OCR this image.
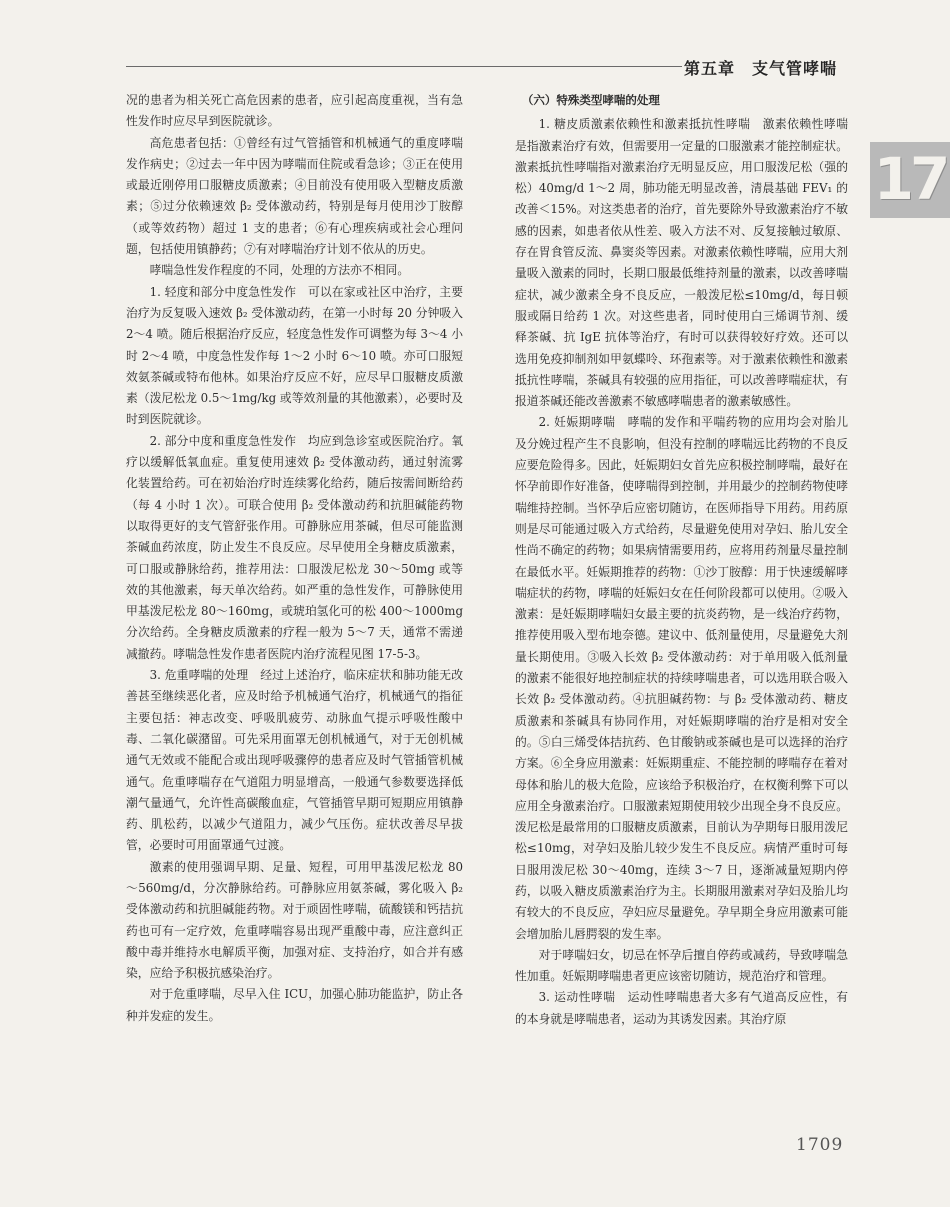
第五章　支气管哮喘
17

况的患者为相关死亡高危因素的患者，应引起高度重视，当有急性发作时应尽早到医院就诊。

高危患者包括：①曾经有过气管插管和机械通气的重度哮喘发作病史；②过去一年中因为哮喘而住院或看急诊；③正在使用或最近刚停用口服糖皮质激素；④目前没有使用吸入型糖皮质激素；⑤过分依赖速效 β₂ 受体激动药，特别是每月使用沙丁胺醇（或等效药物）超过 1 支的患者；⑥有心理疾病或社会心理问题，包括使用镇静药；⑦有对哮喘治疗计划不依从的历史。

哮喘急性发作程度的不同，处理的方法亦不相同。

1. 轻度和部分中度急性发作　可以在家或社区中治疗，主要治疗为反复吸入速效 β₂ 受体激动药，在第一小时每 20 分钟吸入 2～4 喷。随后根据治疗反应，轻度急性发作可调整为每 3～4 小时 2～4 喷，中度急性发作每 1～2 小时 6～10 喷。亦可口服短效氨茶碱或特布他林。如果治疗反应不好，应尽早口服糖皮质激素（泼尼松龙 0.5～1mg/kg 或等效剂量的其他激素），必要时及时到医院就诊。

2. 部分中度和重度急性发作　均应到急诊室或医院治疗。氧疗以缓解低氧血症。重复使用速效 β₂ 受体激动药，通过射流雾化装置给药。可在初始治疗时连续雾化给药，随后按需间断给药（每 4 小时 1 次）。可联合使用 β₂ 受体激动药和抗胆碱能药物以取得更好的支气管舒张作用。可静脉应用茶碱，但尽可能监测茶碱血药浓度，防止发生不良反应。尽早使用全身糖皮质激素，可口服或静脉给药，推荐用法：口服泼尼松龙 30～50mg 或等效的其他激素，每天单次给药。如严重的急性发作，可静脉使用甲基泼尼松龙 80～160mg，或琥珀氢化可的松 400～1000mg 分次给药。全身糖皮质激素的疗程一般为 5～7 天，通常不需递减撤药。哮喘急性发作患者医院内治疗流程见图 17-5-3。

3. 危重哮喘的处理　经过上述治疗，临床症状和肺功能无改善甚至继续恶化者，应及时给予机械通气治疗，机械通气的指征主要包括：神志改变、呼吸肌疲劳、动脉血气提示呼吸性酸中毒、二氧化碳潴留。可先采用面罩无创机械通气，对于无创机械通气无效或不能配合或出现呼吸骤停的患者应及时气管插管机械通气。危重哮喘存在气道阻力明显增高，一般通气参数要选择低潮气量通气，允许性高碳酸血症，气管插管早期可短期应用镇静药、肌松药，以减少气道阻力，减少气压伤。症状改善尽早拔管，必要时可用面罩通气过渡。

激素的使用强调早期、足量、短程，可用甲基泼尼松龙 80～560mg/d，分次静脉给药。可静脉应用氨茶碱，雾化吸入 β₂ 受体激动药和抗胆碱能药物。对于顽固性哮喘，硫酸镁和钙拮抗药也可有一定疗效，危重哮喘容易出现严重酸中毒，应注意纠正酸中毒并维持水电解质平衡，加强对症、支持治疗，如合并有感染，应给予积极抗感染治疗。

对于危重哮喘，尽早入住 ICU，加强心肺功能监护，防止各种并发症的发生。

（六）特殊类型哮喘的处理

1. 糖皮质激素依赖性和激素抵抗性哮喘　激素依赖性哮喘是指激素治疗有效，但需要用一定量的口服激素才能控制症状。激素抵抗性哮喘指对激素治疗无明显反应，用口服泼尼松（强的松）40mg/d 1～2 周，肺功能无明显改善，清晨基础 FEV₁ 的改善＜15%。对这类患者的治疗，首先要除外导致激素治疗不敏感的因素，如患者依从性差、吸入方法不对、反复接触过敏原、存在胃食管反流、鼻窦炎等因素。对激素依赖性哮喘，应用大剂量吸入激素的同时，长期口服最低维持剂量的激素，以改善哮喘症状，减少激素全身不良反应，一般泼尼松≤10mg/d，每日顿服或隔日给药 1 次。对这些患者，同时使用白三烯调节剂、缓释茶碱、抗 IgE 抗体等治疗，有时可以获得较好疗效。还可以选用免疫抑制剂如甲氨蝶呤、环孢素等。对于激素依赖性和激素抵抗性哮喘，茶碱具有较强的应用指征，可以改善哮喘症状，有报道茶碱还能改善激素不敏感哮喘患者的激素敏感性。

2. 妊娠期哮喘　哮喘的发作和平喘药物的应用均会对胎儿及分娩过程产生不良影响，但没有控制的哮喘远比药物的不良反应要危险得多。因此，妊娠期妇女首先应积极控制哮喘，最好在怀孕前即作好准备，使哮喘得到控制，并用最少的控制药物使哮喘维持控制。当怀孕后应密切随访，在医师指导下用药。用药原则是尽可能通过吸入方式给药，尽量避免使用对孕妇、胎儿安全性尚不确定的药物；如果病情需要用药，应将用药剂量尽量控制在最低水平。妊娠期推荐的药物：①沙丁胺醇：用于快速缓解哮喘症状的药物，哮喘的妊娠妇女在任何阶段都可以使用。②吸入激素：是妊娠期哮喘妇女最主要的抗炎药物，是一线治疗药物，推荐使用吸入型布地奈德。建议中、低剂量使用，尽量避免大剂量长期使用。③吸入长效 β₂ 受体激动药：对于单用吸入低剂量的激素不能很好地控制症状的持续哮喘患者，可以选用联合吸入长效 β₂ 受体激动药。④抗胆碱药物：与 β₂ 受体激动药、糖皮质激素和茶碱具有协同作用，对妊娠期哮喘的治疗是相对安全的。⑤白三烯受体拮抗药、色甘酸钠或茶碱也是可以选择的治疗方案。⑥全身应用激素：妊娠期重症、不能控制的哮喘存在着对母体和胎儿的极大危险，应该给予积极治疗，在权衡利弊下可以应用全身激素治疗。口服激素短期使用较少出现全身不良反应。泼尼松是最常用的口服糖皮质激素，目前认为孕期每日服用泼尼松≤10mg，对孕妇及胎儿较少发生不良反应。病情严重时可每日服用泼尼松 30～40mg，连续 3～7 日，逐渐减量短期内停药，以吸入糖皮质激素治疗为主。长期服用激素对孕妇及胎儿均有较大的不良反应，孕妇应尽量避免。孕早期全身应用激素可能会增加胎儿唇腭裂的发生率。

对于哮喘妇女，切忌在怀孕后擅自停药或减药，导致哮喘急性加重。妊娠期哮喘患者更应该密切随访，规范治疗和管理。

3. 运动性哮喘　运动性哮喘患者大多有气道高反应性，有的本身就是哮喘患者，运动为其诱发因素。其治疗原

1709
